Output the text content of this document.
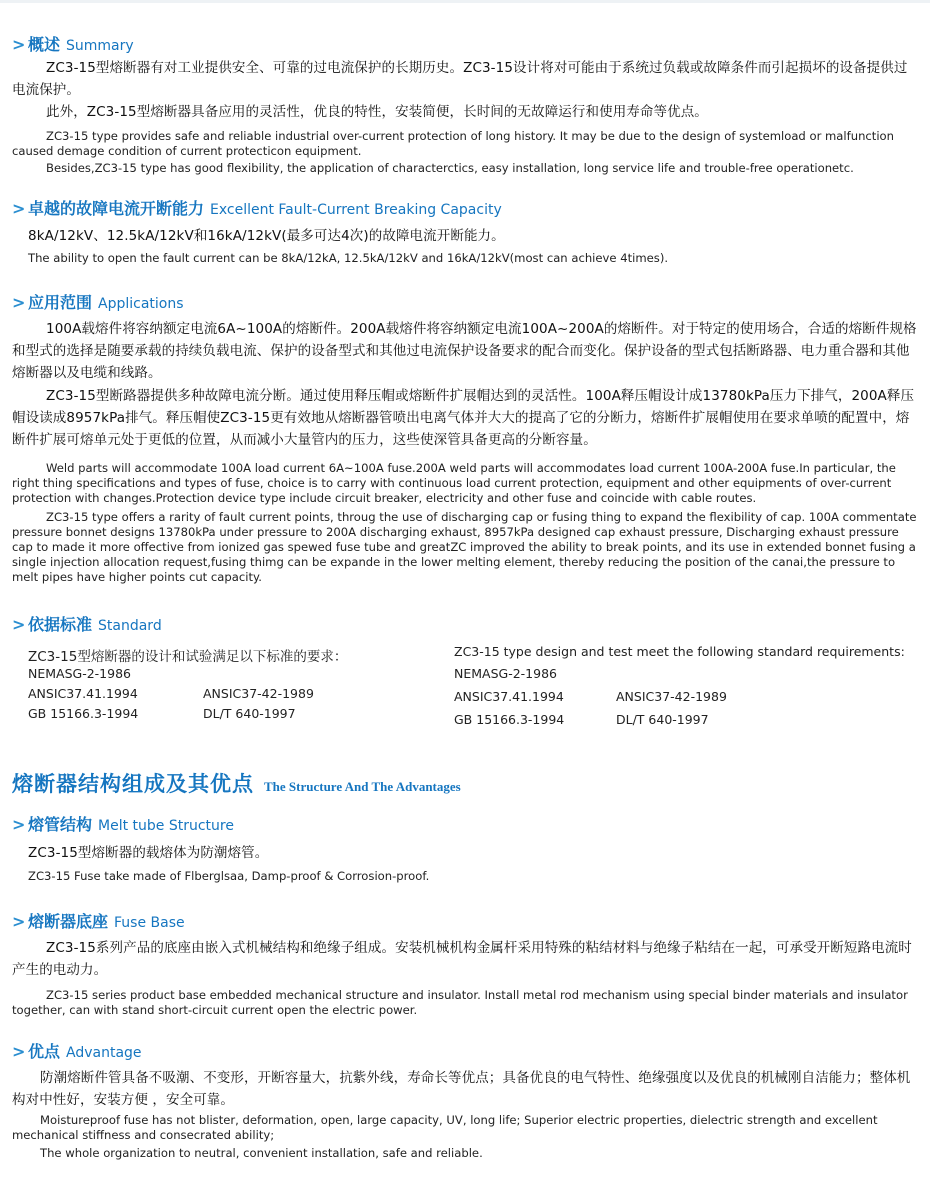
> 概述 Summary
ZC3-15型熔断器有对工业提供安全、可靠的过电流保护的长期历史。ZC3-15设计将对可能由于系统过负载或故障条件而引起损坏的设备提供过电流保护。
此外，ZC3-15型熔断器具备应用的灵活性，优良的特性，安装简便，长时间的无故障运行和使用寿命等优点。
ZC3-15 type provides safe and reliable industrial over-current protection of long history. It may be due to the design of systemload or malfunction caused demage condition of current protecticon equipment.
Besides,ZC3-15 type has good flexibility, the application of characterctics, easy installation, long service life and trouble-free operationetc.
> 卓越的故障电流开断能力 Excellent Fault-Current Breaking Capacity
8kA/12kV、12.5kA/12kV和16kA/12kV(最多可达4次)的故障电流开断能力。
The ability to open the fault current can be 8kA/12kA, 12.5kA/12kV and 16kA/12kV(most can achieve 4times).
> 应用范围 Applications
100A载熔件将容纳额定电流6A~100A的熔断件。200A载熔件将容纳额定电流100A~200A的熔断件。对于特定的使用场合，合适的熔断件规格和型式的选择是随要承载的持续负载电流、保护的设备型式和其他过电流保护设备要求的配合而变化。保护设备的型式包括断路器、电力重合器和其他熔断器以及电缆和线路。
ZC3-15型断路器提供多种故障电流分断。通过使用释压帽或熔断件扩展帽达到的灵活性。100A释压帽设计成13780kPa压力下排气，200A释压帽设读成8957kPa排气。释压帽使ZC3-15更有效地从熔断器管喷出电离气体并大大的提高了它的分断力，熔断件扩展帽使用在要求单喷的配置中，熔断件扩展可熔单元处于更低的位置，从而减小大量管内的压力，这些使深管具备更高的分断容量。
Weld parts will accommodate 100A load current 6A~100A fuse.200A weld parts will accommodates load current 100A-200A fuse.In particular, the right thing specifications and types of fuse, choice is to carry with continuous load current protection, equipment and other equipments of over-current protection with changes.Protection device type include circuit breaker, electricity and other fuse and coincide with cable routes.
ZC3-15 type offers a rarity of fault current points, throug the use of discharging cap or fusing thing to expand the flexibility of cap. 100A commentate pressure bonnet designs 13780kPa under pressure to 200A discharging exhaust, 8957kPa designed cap exhaust pressure, Discharging exhaust pressure cap to made it more offective from ionized gas spewed fuse tube and greatZC improved the ability to break points, and its use in extended bonnet fusing a single injection allocation request,fusing thimg can be expande in the lower melting element, thereby reducing the position of the canai,the pressure to melt pipes have higher points cut capacity.
> 依据标准 Standard
ZC3-15型熔断器的设计和试验满足以下标准的要求：
NEMASG-2-1986
ANSIC37.41.1994	ANSIC37-42-1989
GB 15166.3-1994	DL/T 640-1997
ZC3-15 type design and test meet the following standard requirements:
NEMASG-2-1986
ANSIC37.41.1994	ANSIC37-42-1989
GB 15166.3-1994	DL/T 640-1997
熔断器结构组成及其优点 The Structure And The Advantages
> 熔管结构 Melt tube Structure
ZC3-15型熔断器的载熔体为防潮熔管。
ZC3-15 Fuse take made of Flberglsaa, Damp-proof & Corrosion-proof.
> 熔断器底座 Fuse Base
ZC3-15系列产品的底座由嵌入式机械结构和绝缘子组成。安装机械机构金属杆采用特殊的粘结材料与绝缘子粘结在一起，可承受开断短路电流时产生的电动力。
ZC3-15 series product base embedded mechanical structure and insulator. Install metal rod mechanism using special binder materials and insulator together, can with stand short-circuit current open the electric power.
> 优点 Advantage
防潮熔断件管具备不吸潮、不变形，开断容量大，抗紫外线，寿命长等优点；具备优良的电气特性、绝缘强度以及优良的机械刚自洁能力；整体机构对中性好，安装方便 ，安全可靠。
Moistureproof fuse has not blister, deformation, open, large capacity, UV, long life; Superior electric properties, dielectric strength and excellent mechanical stiffness and consecrated ability;
The whole organization to neutral, convenient installation, safe and reliable.
